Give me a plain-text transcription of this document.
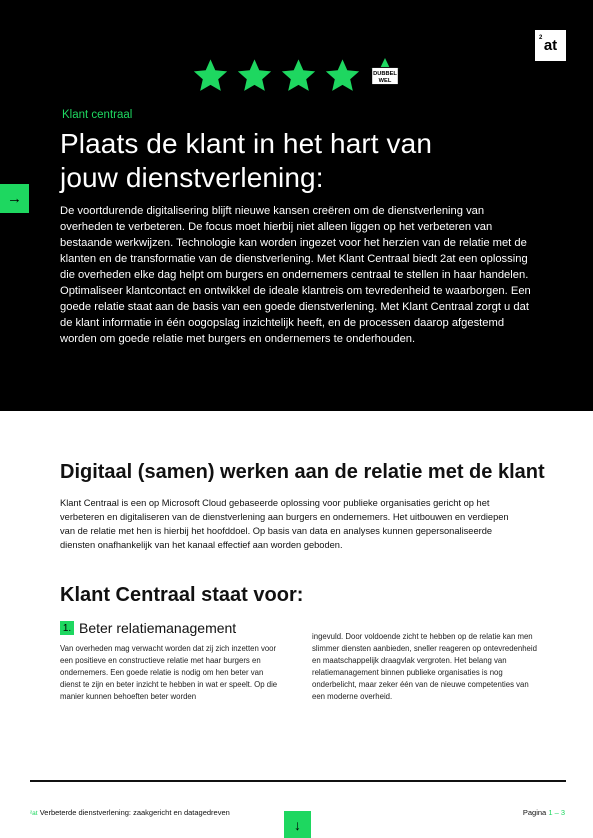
2 at
DUBBEL
WEL
Klant centraal
Plaats de klant in het hart van jouw dienstverlening:
→

De voortdurende digitalisering blijft nieuwe kansen creëren om de dienstverlening van overheden te verbeteren. De focus moet hierbij niet alleen liggen op het verbeteren van bestaande werkwijzen. Technologie kan worden ingezet voor het herzien van de relatie met de klanten en de transformatie van de dienstverlening. Met Klant Centraal biedt 2at een oplossing die overheden elke dag helpt om burgers en ondernemers centraal te stellen in haar handelen. Optimaliseer klantcontact en ontwikkel de ideale klantreis om tevredenheid te waarborgen. Een goede relatie staat aan de basis van een goede dienstverlening. Met Klant Centraal zorgt u dat de klant informatie in één oogopslag inzichtelijk heeft, en de processen daarop afgestemd worden om goede relatie met burgers en ondernemers te onderhouden.

Digitaal (samen) werken aan de relatie met de klant

Klant Centraal is een op Microsoft Cloud gebaseerde oplossing voor publieke organisaties gericht op het verbeteren en digitaliseren van de dienstverlening aan burgers en ondernemers. Het uitbouwen en verdiepen van de relatie met hen is hierbij het hoofddoel. Op basis van data en analyses kunnen gepersonaliseerde diensten onafhankelijk van het kanaal effectief aan worden geboden.

Klant Centraal staat voor:
1. Beter relatiemanagement

Van overheden mag verwacht worden dat zij zich inzetten voor een positieve en constructieve relatie met haar burgers en ondernemers. Een goede relatie is nodig om hen beter van dienst te zijn en beter inzicht te hebben in wat er speelt. Op die manier kunnen behoeften beter worden

ingevuld. Door voldoende zicht te hebben op de relatie kan men slimmer diensten aanbieden, sneller reageren op ontevredenheid en maatschappelijk draagvlak vergroten. Het belang van relatiemanagement binnen publieke organisaties is nog onderbelicht, maar zeker één van de nieuwe competenties van een moderne overheid.

²at Verbeterde dienstverlening: zaakgericht en datagedreven
↓
Pagina 1 – 3
